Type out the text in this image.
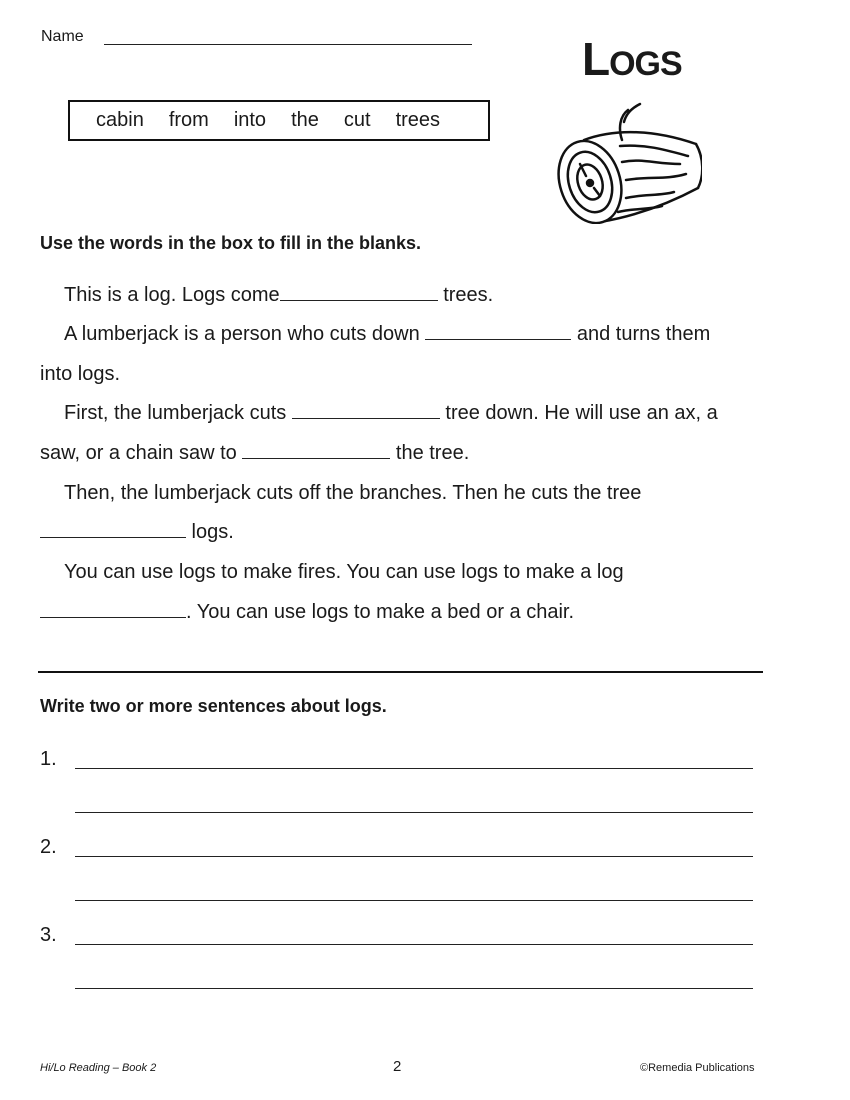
Name	LOGS
cabin from into the cut trees
Use the words in the box to fill in the blanks.
This is a log. Logs come	trees.
A lumberjack is a person who cuts down	and turns them
into logs.
First, the lumberjack cuts	tree down. He will use an ax, a
saw, or a chain saw to	the tree.
Then, the lumberjack cuts off the branches. Then he cuts the tree
logs.
You can use logs to make fires. You can use logs to make a log
. You can use logs to make a bed or a chair.
Write two or more sentences about logs.
1.
2.
3.
Hi/Lo Reading – Book 2	2	©Remedia Publications
